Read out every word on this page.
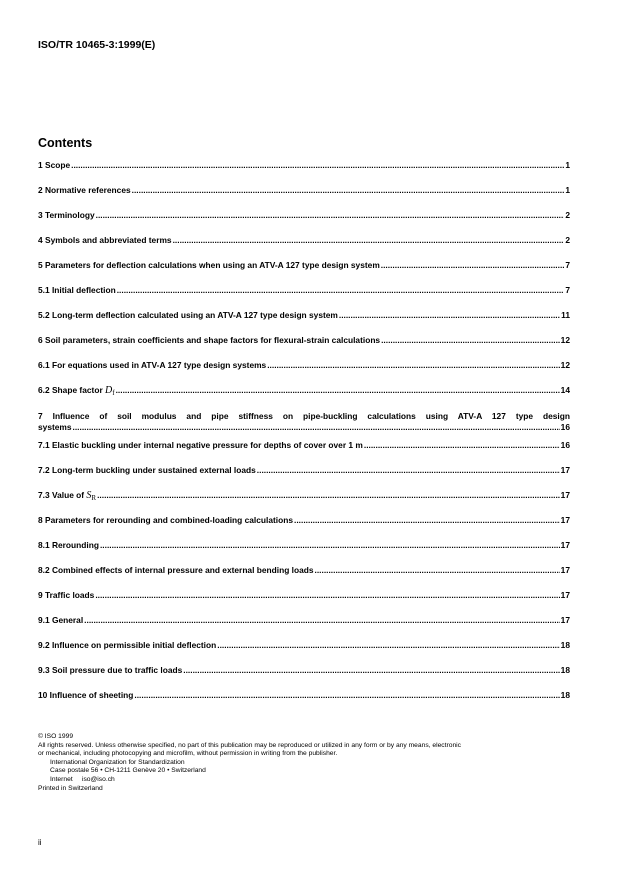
ISO/TR 10465-3:1999(E)
Contents
1 Scope .....	1
2 Normative references .....	1
3 Terminology .....	2
4 Symbols and abbreviated terms .....	2
5 Parameters for deflection calculations when using an ATV-A 127 type design system .....	7
5.1 Initial deflection .....	7
5.2 Long-term deflection calculated using an ATV-A 127 type design system .....	11
6 Soil parameters, strain coefficients and shape factors for flexural-strain calculations .....	12
6.1 For equations used in ATV-A 127 type design systems .....	12
6.2 Shape factor $D_f$ .....	14
7 Influence of soil modulus and pipe stiffness on pipe-buckling calculations using ATV-A 127 type design
systems .....	16
7.1 Elastic buckling under internal negative pressure for depths of cover over 1 m .....	16
7.2 Long-term buckling under sustained external loads .....	17
7.3 Value of $S_R$ .....	17
8 Parameters for rerounding and combined-loading calculations .....	17
8.1 Rerounding .....	17
8.2 Combined effects of internal pressure and external bending loads .....	17
9 Traffic loads .....	17
9.1 General .....	17
9.2 Influence on permissible initial deflection .....	18
9.3 Soil pressure due to traffic loads .....	18
10 Influence of sheeting .....	18
© ISO 1999
All rights reserved. Unless otherwise specified, no part of this publication may be reproduced or utilized in any form or by any means, electronic
or mechanical, including photocopying and microfilm, without permission in writing from the publisher.
International Organization for Standardization
Case postale 56 • CH-1211 Genève 20 • Switzerland
Internet     iso@iso.ch
Printed in Switzerland
ii
